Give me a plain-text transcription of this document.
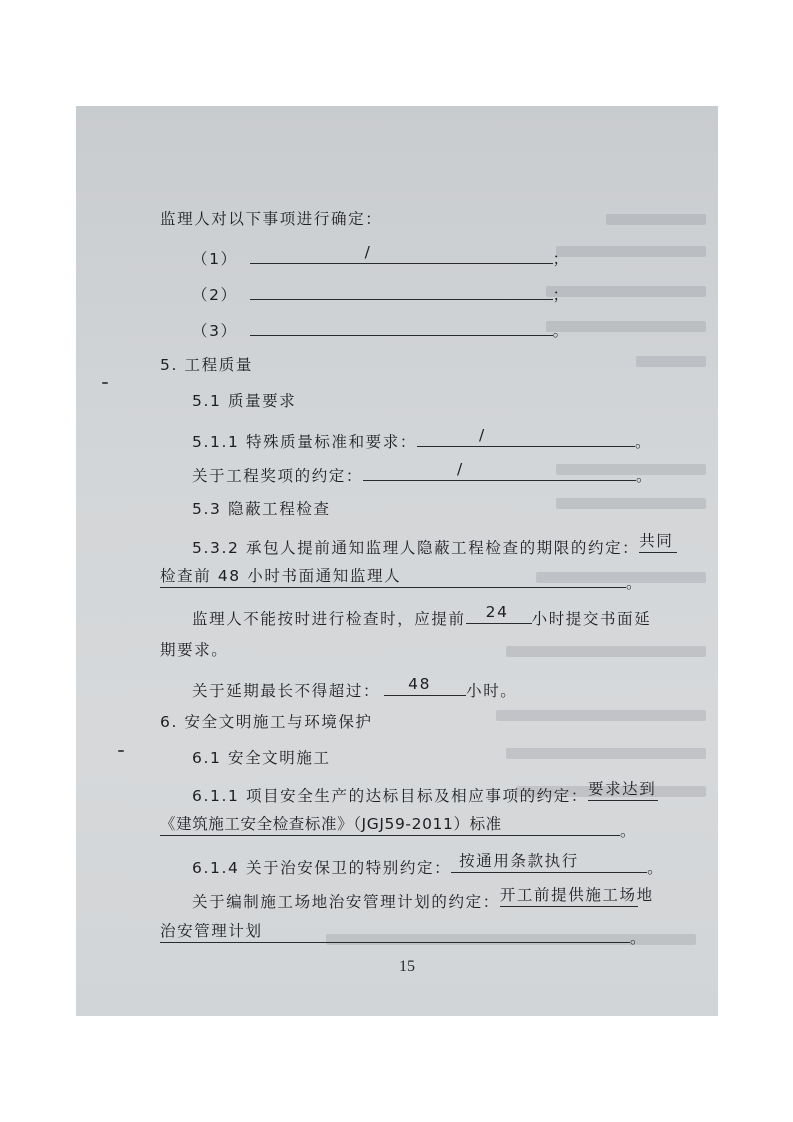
监理人对以下事项进行确定：
（1）	/	；
（2）	；
（3）	。
5. 工程质量
5.1 质量要求
5.1.1 特殊质量标准和要求：	/	。
关于工程奖项的约定：	/	。
5.3 隐蔽工程检查
5.3.2 承包人提前通知监理人隐蔽工程检查的期限的约定： 共同
检查前 48 小时书面通知监理人	。
监理人不能按时进行检查时，应提前 24 小时提交书面延
期要求。
关于延期最长不得超过： 48 小时。
6. 安全文明施工与环境保护
6.1 安全文明施工
6.1.1 项目安全生产的达标目标及相应事项的约定： 要求达到
《建筑施工安全检查标准》（JGJ59-2011）标准	。
6.1.4 关于治安保卫的特别约定： 按通用条款执行	。
关于编制施工场地治安管理计划的约定： 开工前提供施工场地
治安管理计划	。
15
